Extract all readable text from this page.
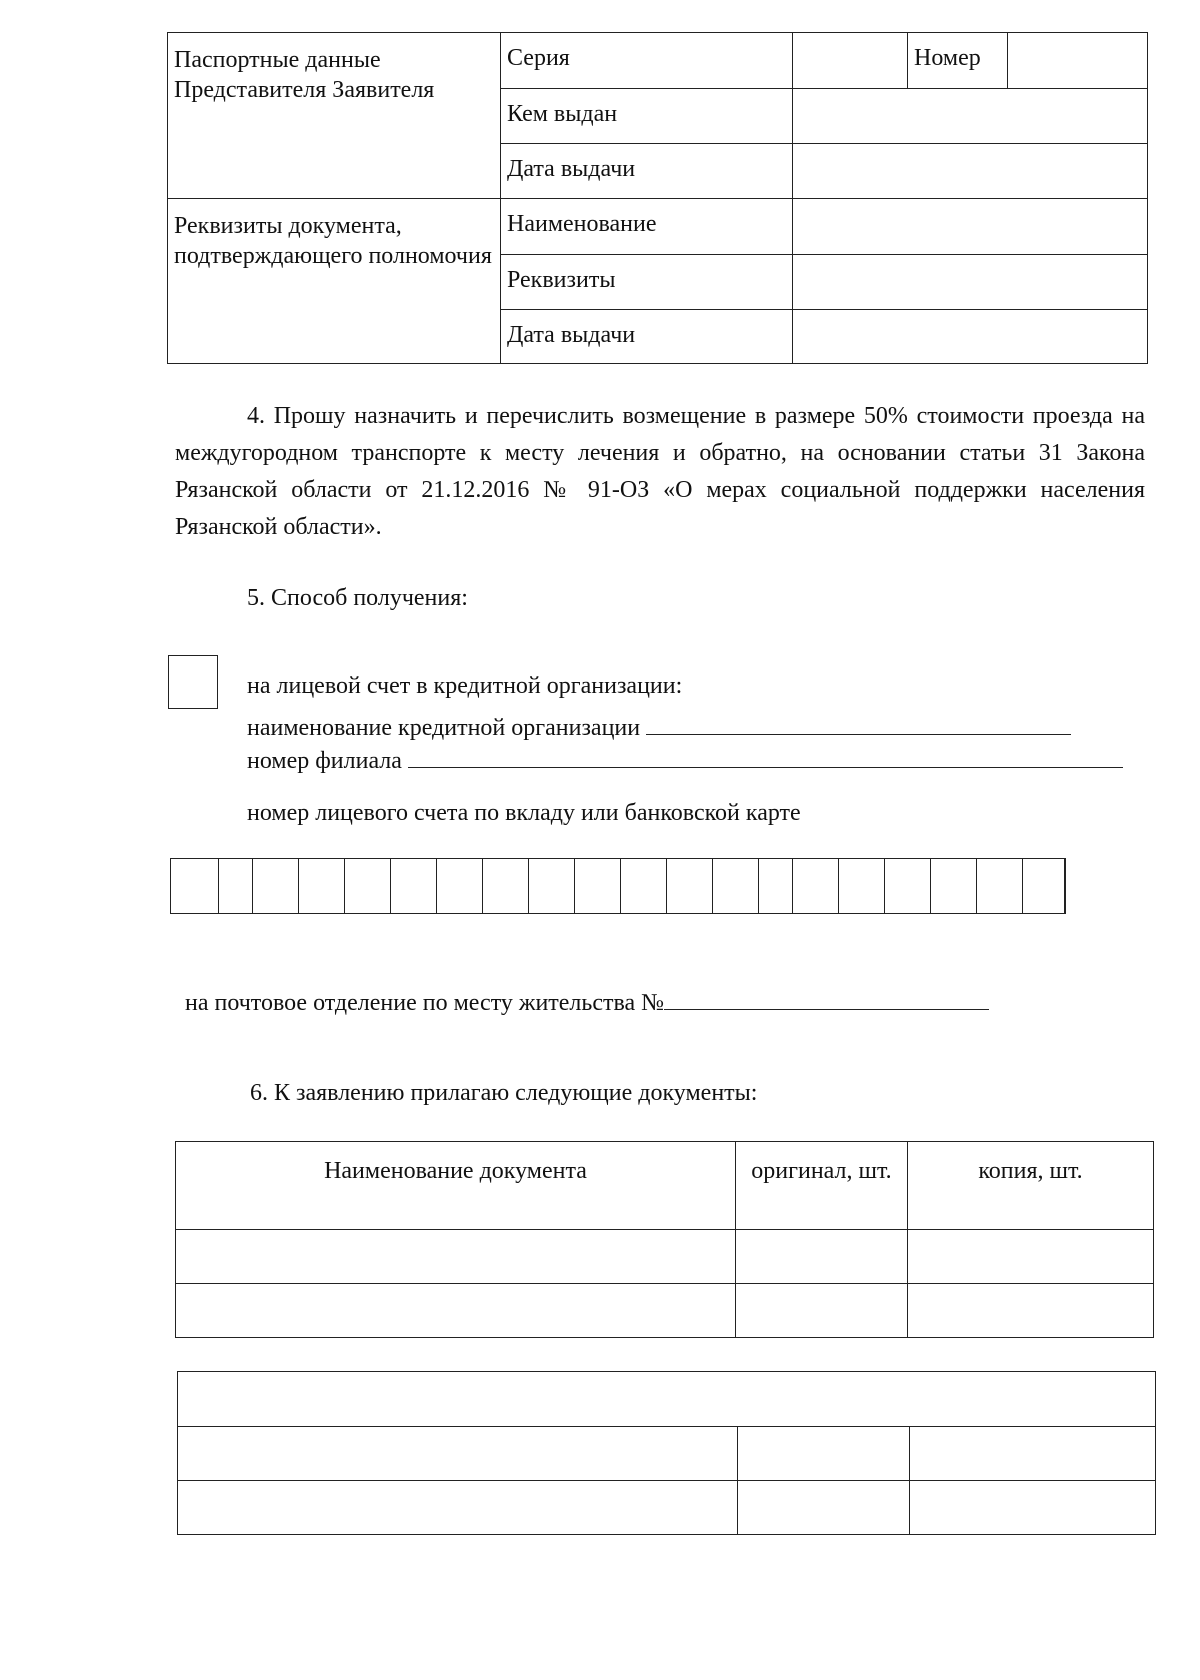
Паспортные данные Представителя Заявителя	Серия		Номер	
	Кем выдан			
	Дата выдачи			
Реквизиты документа, подтверждающего полномочия	Наименование			
	Реквизиты			
	Дата выдачи			
4. Прошу назначить и перечислить возмещение в размере 50% стоимости проезда на междугородном транспорте к месту лечения и обратно, на основании статьи 31 Закона Рязанской области от 21.12.2016 № 91-ОЗ «О мерах социальной поддержки населения Рязанской области».
5. Способ получения:
на лицевой счет в кредитной организации:
наименование кредитной организации
номер филиала
номер лицевого счета по вкладу или банковской карте
на почтовое отделение по месту жительства №
6. К заявлению прилагаю следующие документы:
Наименование документа	оригинал, шт.	копия, шт.
